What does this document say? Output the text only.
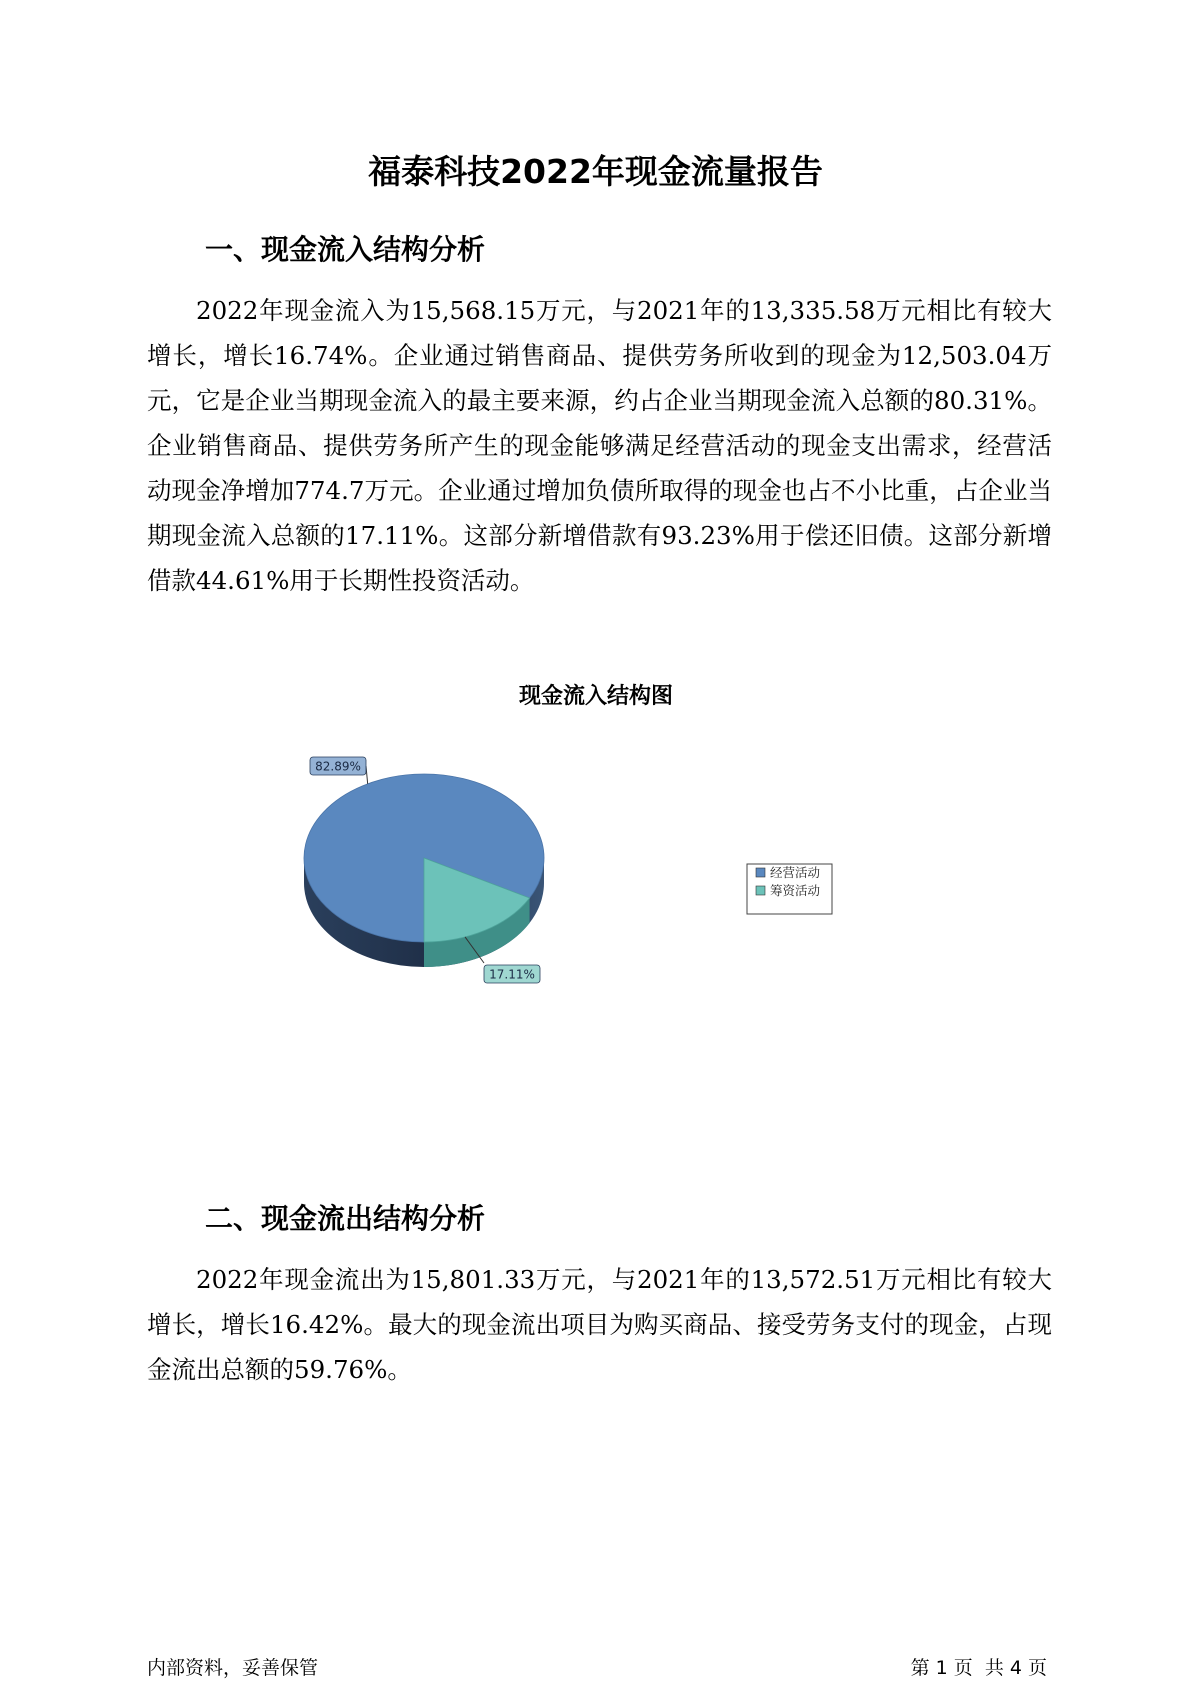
福泰科技2022年现金流量报告
一、现金流入结构分析

2022年现金流入为15,568.15万元，与2021年的13,335.58万元相比有较大增长，增长16.74%。企业通过销售商品、提供劳务所收到的现金为12,503.04万元，它是企业当期现金流入的最主要来源，约占企业当期现金流入总额的80.31%。企业销售商品、提供劳务所产生的现金能够满足经营活动的现金支出需求，经营活动现金净增加774.7万元。企业通过增加负债所取得的现金也占不小比重，占企业当期现金流入总额的17.11%。这部分新增借款有93.23%用于偿还旧债。这部分新增借款44.61%用于长期性投资活动。

现金流入结构图
82.89%
17.11%
经营活动
筹资活动
二、现金流出结构分析

2022年现金流出为15,801.33万元，与2021年的13,572.51万元相比有较大增长，增长16.42%。最大的现金流出项目为购买商品、接受劳务支付的现金，占现金流出总额的59.76%。

内部资料，妥善保管	第 1 页  共 4 页
